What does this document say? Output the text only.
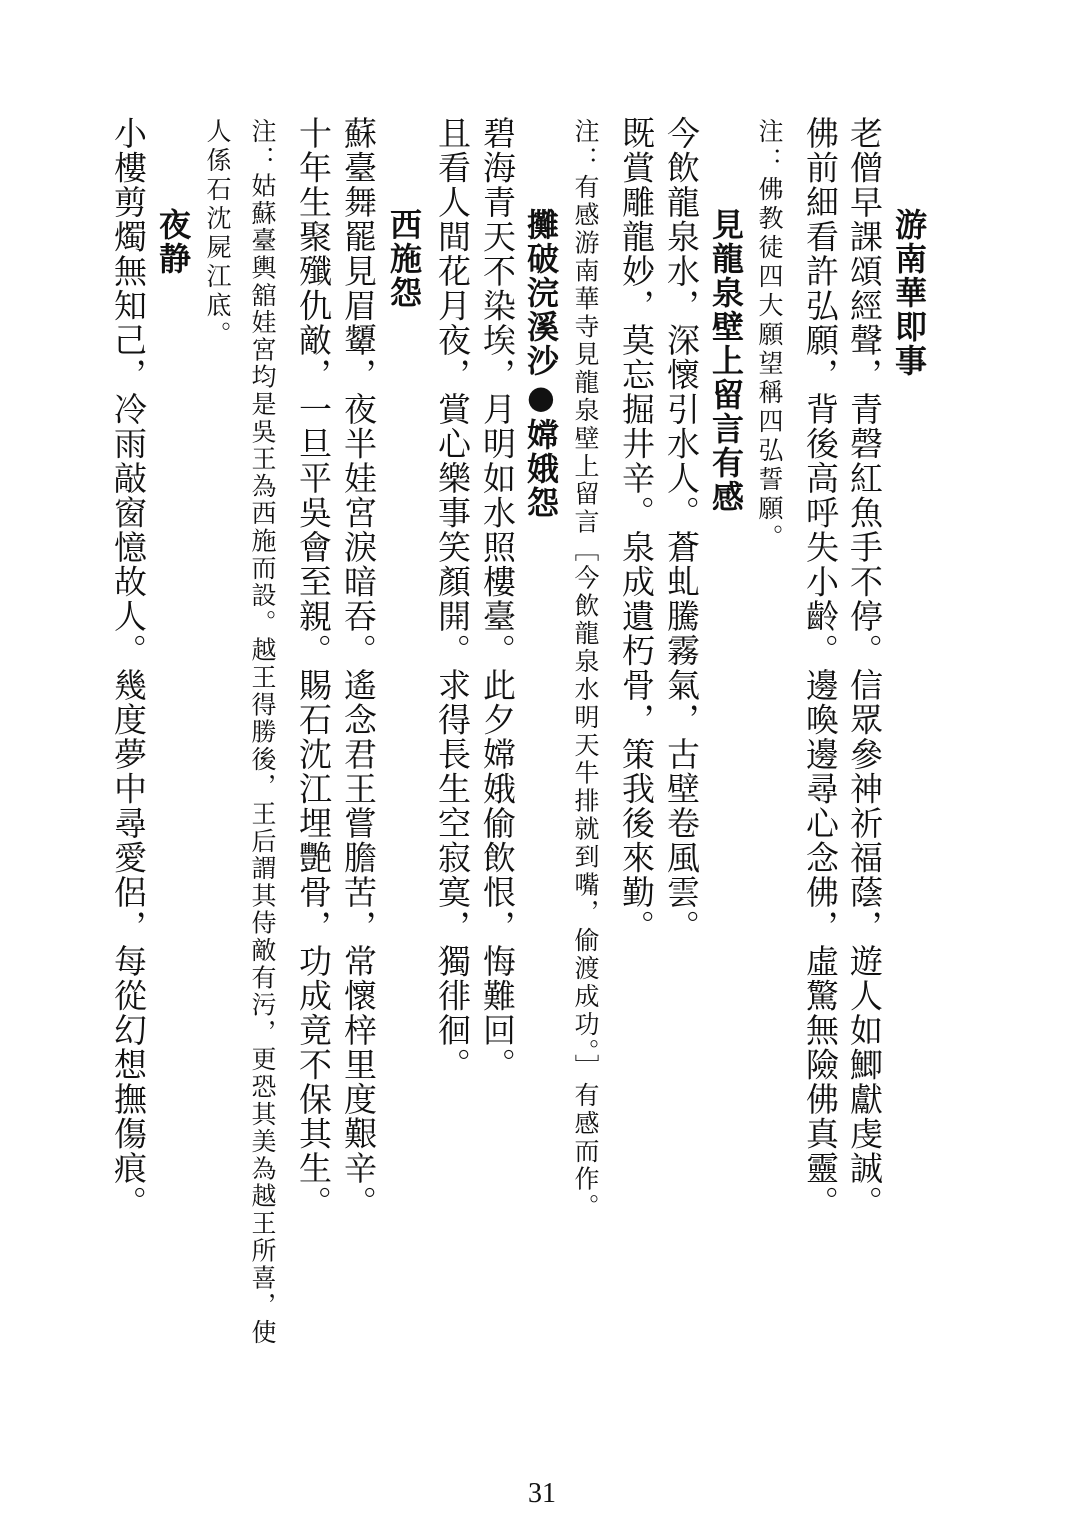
游南華即事
老僧早課頌經聲，青磬紅魚手不停。信眾參神祈福蔭，遊人如鯽獻虔誠。
佛前細看許弘願，背後高呼失小齡。邊喚邊尋心念佛，虛驚無險佛真靈。
注：佛教徒四大願望稱四弘誓願。
見龍泉壁上留言有感
今飲龍泉水，深懷引水人。蒼虬騰霧氣，古壁卷風雲。
既賞雕龍妙，莫忘掘井辛。泉成遺朽骨，策我後來勤。
注：有感游南華寺見龍泉壁上留言［今飲龍泉水明天牛排就到嘴，偷渡成功。］有感而作。
攤破浣溪沙●嫦娥怨
碧海青天不染埃，月明如水照樓臺。此夕嫦娥偷飲恨，悔難回。
且看人間花月夜，賞心樂事笑顏開。求得長生空寂寞，獨徘徊。
西施怨
蘇臺舞罷見眉顰，夜半娃宮淚暗吞。遙念君王嘗膽苦，常懷梓里度艱辛。
十年生聚殲仇敵，一旦平吳會至親。賜石沈江埋艷骨，功成竟不保其生。
注：姑蘇臺輿舘娃宮均是吳王為西施而設。越王得勝後，王后謂其侍敵有污，更恐其美為越王所喜，使
人係石沈屍江底。
夜静
小樓剪燭無知己，冷雨敲窗憶故人。幾度夢中尋愛侶，每從幻想撫傷痕。
31
